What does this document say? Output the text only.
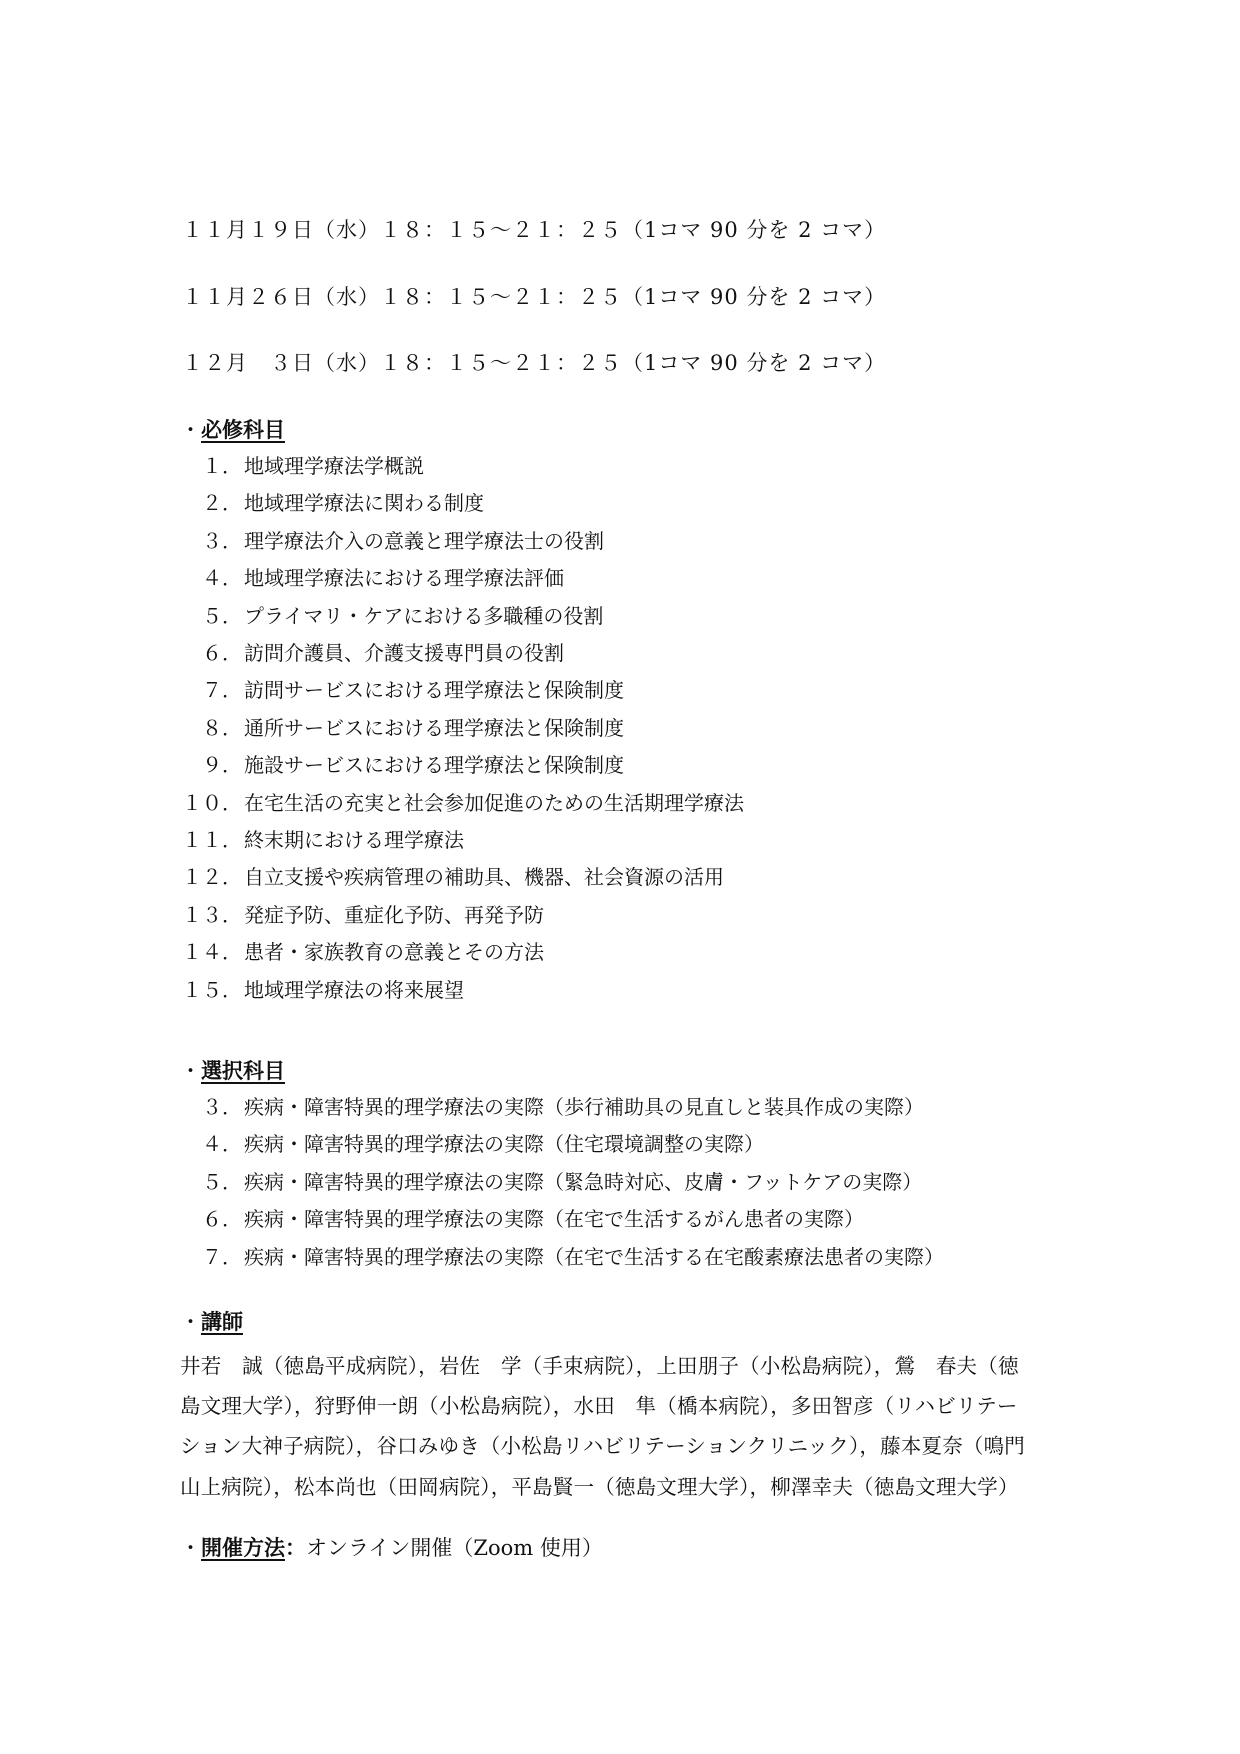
１１月１９日（水）１８：１５～２１：２５（1コマ 90 分を 2 コマ）
１１月２６日（水）１８：１５～２１：２５（1コマ 90 分を 2 コマ）
１２月　３日（水）１８：１５～２１：２５（1コマ 90 分を 2 コマ）
・必修科目
１． 地域理学療法学概説
２． 地域理学療法に関わる制度
３． 理学療法介入の意義と理学療法士の役割
４． 地域理学療法における理学療法評価
５． プライマリ・ケアにおける多職種の役割
６． 訪問介護員、介護支援専門員の役割
７． 訪問サービスにおける理学療法と保険制度
８． 通所サービスにおける理学療法と保険制度
９． 施設サービスにおける理学療法と保険制度
１０． 在宅生活の充実と社会参加促進のための生活期理学療法
１１． 終末期における理学療法
１２． 自立支援や疾病管理の補助具、機器、社会資源の活用
１３． 発症予防、重症化予防、再発予防
１４． 患者・家族教育の意義とその方法
１５． 地域理学療法の将来展望
・選択科目
３． 疾病・障害特異的理学療法の実際（歩行補助具の見直しと装具作成の実際）
４． 疾病・障害特異的理学療法の実際（住宅環境調整の実際）
５． 疾病・障害特異的理学療法の実際（緊急時対応、皮膚・フットケアの実際）
６． 疾病・障害特異的理学療法の実際（在宅で生活するがん患者の実際）
７． 疾病・障害特異的理学療法の実際（在宅で生活する在宅酸素療法患者の実際）
・講師
井若　誠（徳島平成病院），岩佐　学（手束病院），上田朋子（小松島病院），鶯　春夫（徳
島文理大学），狩野伸一朗（小松島病院），水田　隼（橋本病院），多田智彦（リハビリテー
ション大神子病院），谷口みゆき（小松島リハビリテーションクリニック），藤本夏奈（鳴門
山上病院），松本尚也（田岡病院），平島賢一（徳島文理大学），柳澤幸夫（徳島文理大学）
・開催方法：オンライン開催（Zoom 使用）
